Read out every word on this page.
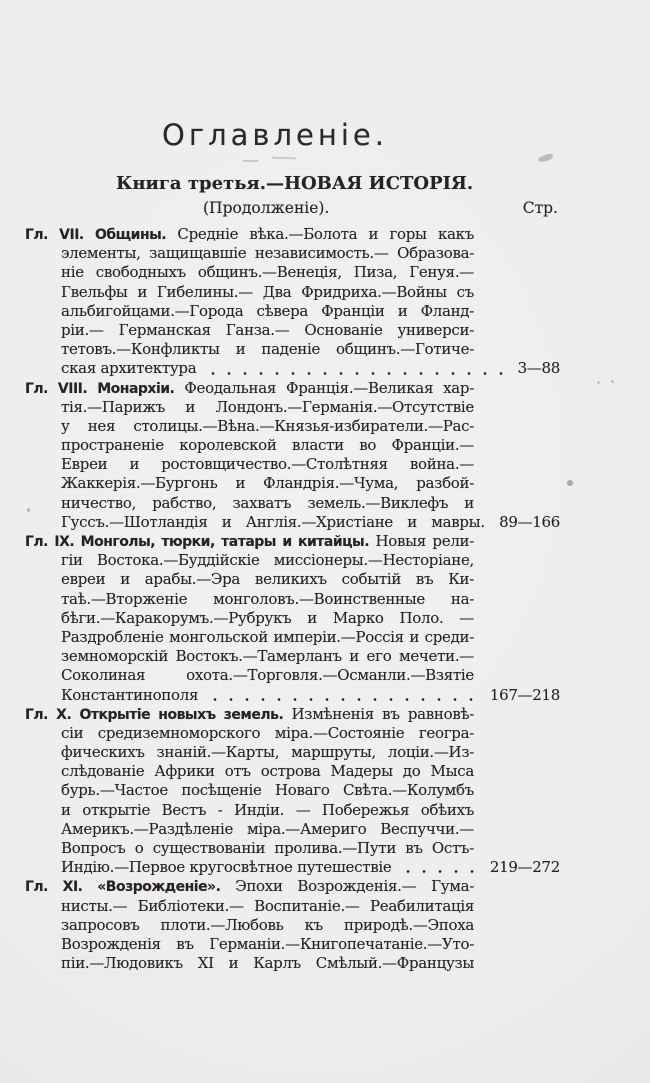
Оглавленіе.
Книга третья.—НОВАЯ ИСТОРІЯ.
(Продолженіе).	Стр.
Гл. VII. Общины. Средніе вѣка.—Болота и горы какъ
элементы, защищавшіе независимость.— Образова-
ніе свободныхъ общинъ.—Венеція, Пиза, Генуя.—
Гвельфы и Гибелины.— Два Фридриха.—Войны съ
альбигойцами.—Города сѣвера Франціи и Фланд-
ріи.— Германская Ганза.— Основаніе универси-
тетовъ.—Конфликты и паденіе общинъ.—Готиче-
ская архитектура	3—88
Гл. VIII. Монархіи. Феодальная Франція.—Великая хар-
тія.—Парижъ и Лондонъ.—Германія.—Отсутствіе
у нея столицы.—Вѣна.—Князья-избиратели.—Рас-
пространеніе королевской власти во Франціи.—
Евреи и ростовщичество.—Столѣтняя война.—
Жаккерія.—Бургонь и Фландрія.—Чума, разбой-
ничество, рабство, захватъ земель.—Виклефъ и
Гуссъ.—Шотландія и Англія.—Христіане и мавры. 89—166
Гл. IX. Монголы, тюрки, татары и китайцы. Новыя рели-
гіи Востока.—Буддійскіе миссіонеры.—Несторіане,
евреи и арабы.—Эра великихъ событій въ Ки-
таѣ.—Вторженіе монголовъ.—Воинственные на-
бѣги.—Каракорумъ.—Рубрукъ и Марко Поло. —
Раздробленіе монгольской имперіи.—Россія и среди-
земноморскій Востокъ.—Тамерланъ и его мечети.—
Соколиная охота.—Торговля.—Османли.—Взятіе
Константинополя	167—218
Гл. X. Открытіе новыхъ земель. Измѣненія въ равновѣ-
сіи средиземноморского міра.—Состояніе геогра-
фическихъ знаній.—Карты, маршруты, лоціи.—Из-
слѣдованіе Африки отъ острова Мадеры до Мыса
бурь.—Частое посѣщеніе Новаго Свѣта.—Колумбъ
и открытіе Вестъ - Индіи. — Побережья обѣихъ
Америкъ.—Раздѣленіе міра.—Америго Веспуччи.—
Вопросъ о существованіи пролива.—Пути въ Остъ-
Индію.—Первое кругосвѣтное путешествіе	219—272
Гл. XI. «Возрожденіе». Эпохи Возрожденія.— Гума-
нисты.— Библіотеки.— Воспитаніе.— Реабилитація
запросовъ плоти.—Любовь къ природѣ.—Эпоха
Возрожденія въ Германіи.—Книгопечатаніе.—Уто-
піи.—Людовикъ XI и Карлъ Смѣлый.—Французы
